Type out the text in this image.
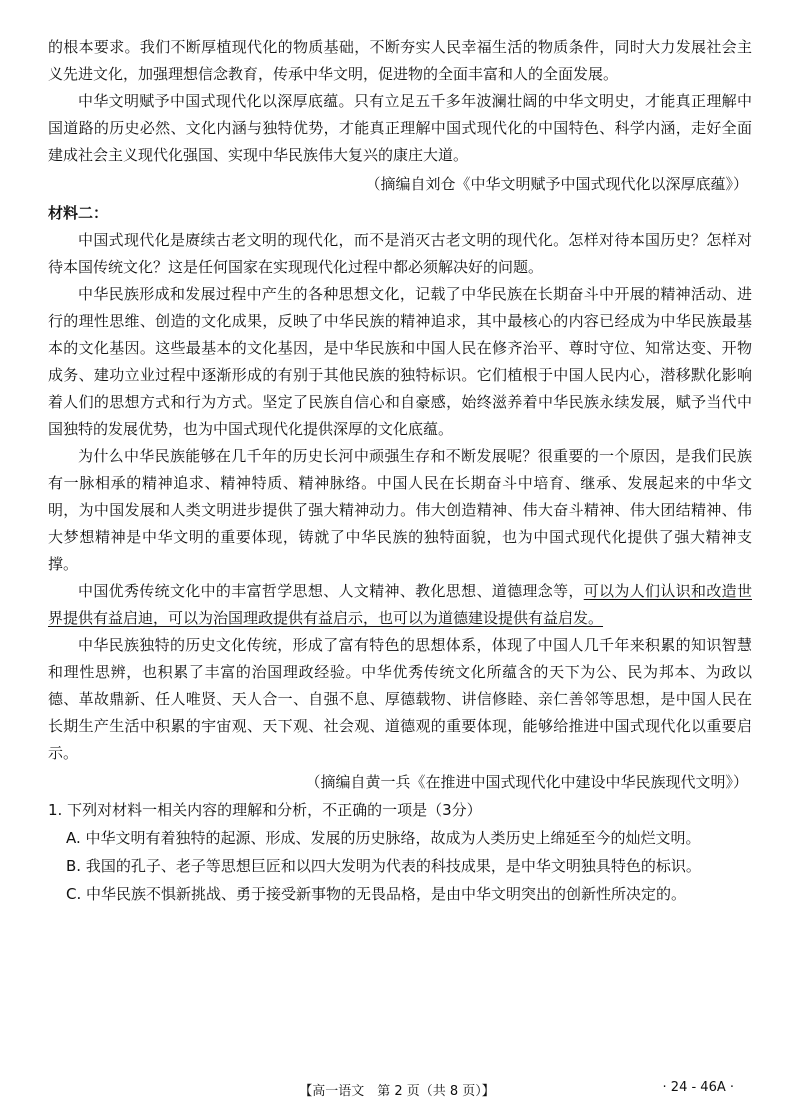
的根本要求。我们不断厚植现代化的物质基础，不断夯实人民幸福生活的物质条件，同时大力发展社会主义先进文化，加强理想信念教育，传承中华文明，促进物的全面丰富和人的全面发展。

中华文明赋予中国式现代化以深厚底蕴。只有立足五千多年波澜壮阔的中华文明史，才能真正理解中国道路的历史必然、文化内涵与独特优势，才能真正理解中国式现代化的中国特色、科学内涵，走好全面建成社会主义现代化强国、实现中华民族伟大复兴的康庄大道。

（摘编自刘仓《中华文明赋予中国式现代化以深厚底蕴》）

材料二：

中国式现代化是赓续古老文明的现代化，而不是消灭古老文明的现代化。怎样对待本国历史？怎样对待本国传统文化？这是任何国家在实现现代化过程中都必须解决好的问题。

中华民族形成和发展过程中产生的各种思想文化，记载了中华民族在长期奋斗中开展的精神活动、进行的理性思维、创造的文化成果，反映了中华民族的精神追求，其中最核心的内容已经成为中华民族最基本的文化基因。这些最基本的文化基因，是中华民族和中国人民在修齐治平、尊时守位、知常达变、开物成务、建功立业过程中逐渐形成的有别于其他民族的独特标识。它们植根于中国人民内心，潜移默化影响着人们的思想方式和行为方式。坚定了民族自信心和自豪感，始终滋养着中华民族永续发展，赋予当代中国独特的发展优势，也为中国式现代化提供深厚的文化底蕴。

为什么中华民族能够在几千年的历史长河中顽强生存和不断发展呢？很重要的一个原因，是我们民族有一脉相承的精神追求、精神特质、精神脉络。中国人民在长期奋斗中培育、继承、发展起来的中华文明，为中国发展和人类文明进步提供了强大精神动力。伟大创造精神、伟大奋斗精神、伟大团结精神、伟大梦想精神是中华文明的重要体现，铸就了中华民族的独特面貌，也为中国式现代化提供了强大精神支撑。

中国优秀传统文化中的丰富哲学思想、人文精神、教化思想、道德理念等，可以为人们认识和改造世界提供有益启迪，可以为治国理政提供有益启示，也可以为道德建设提供有益启发。

中华民族独特的历史文化传统，形成了富有特色的思想体系，体现了中国人几千年来积累的知识智慧和理性思辨，也积累了丰富的治国理政经验。中华优秀传统文化所蕴含的天下为公、民为邦本、为政以德、革故鼎新、任人唯贤、天人合一、自强不息、厚德载物、讲信修睦、亲仁善邻等思想，是中国人民在长期生产生活中积累的宇宙观、天下观、社会观、道德观的重要体现，能够给推进中国式现代化以重要启示。

（摘编自黄一兵《在推进中国式现代化中建设中华民族现代文明》）

1. 下列对材料一相关内容的理解和分析，不正确的一项是（3分）

A. 中华文明有着独特的起源、形成、发展的历史脉络，故成为人类历史上绵延至今的灿烂文明。

B. 我国的孔子、老子等思想巨匠和以四大发明为代表的科技成果，是中华文明独具特色的标识。

C. 中华民族不惧新挑战、勇于接受新事物的无畏品格，是由中华文明突出的创新性所决定的。

【高一语文　第 2 页（共 8 页）】	· 24 - 46A ·
